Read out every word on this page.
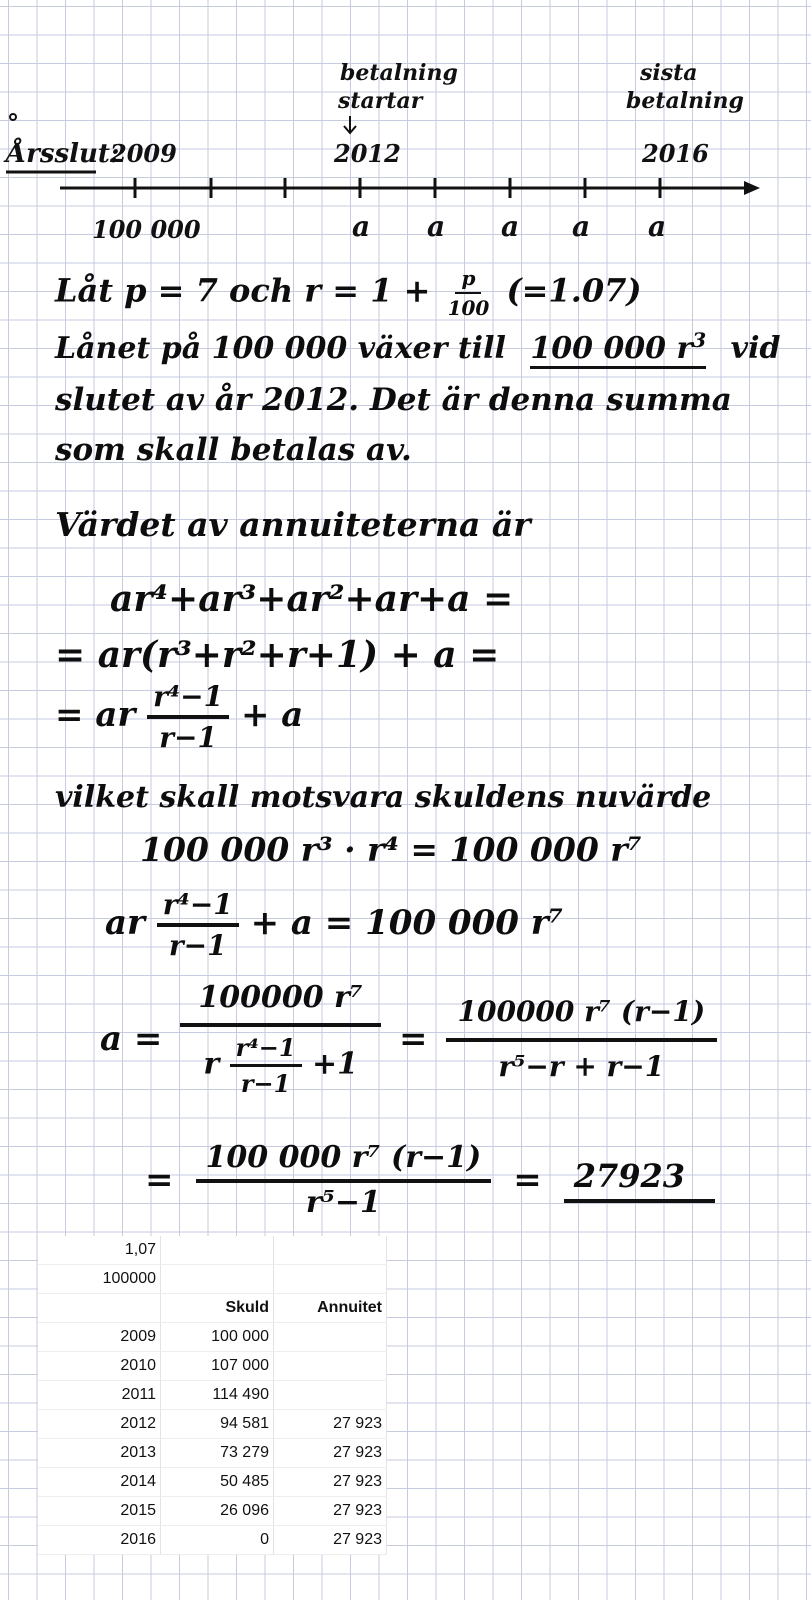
Årsslut:
2009
betalning
startar
2012
sista
betalning
2016
100 000	a a a a a
Låt p = 7 och $r = 1 + \frac{p}{100} (=1.07)$
Lånet på 100 000 växer till 100 000 $r^3$ vid
slutet av år 2012. Det är denna summa
som skall betalas av.
Värdet av annuiteterna är
ar⁴+ar³+ar²+ar+a =
= ar(r³+r²+r+1) + a =
= ar $\frac{\text{r⁴−1}}{r-1} + a$
vilket skall motsvara skuldens nuvärde
100 000 r³ · r⁴ = 100 000 r⁷
ar $\frac{\text{r⁴−1}}{r-1} + a = 100$ 000 r⁷
$a = \frac{\text{100000 r⁷}}{r \frac{\text{r⁴−1}}{r-1} +1} = \frac{\text{100000 r⁷ (r−1)}}{\text{r⁵−r + r−1}}$
= $\frac{\text{100 000 r⁷ (r−1)}}{\text{r⁵−1}}$ =	27923
1,07		
100000		
	Skuld	Annuitet
2009	100 000	
2010	107 000	
2011	114 490	
2012	94 581	27 923
2013	73 279	27 923
2014	50 485	27 923
2015	26 096	27 923
2016	0	27 923
